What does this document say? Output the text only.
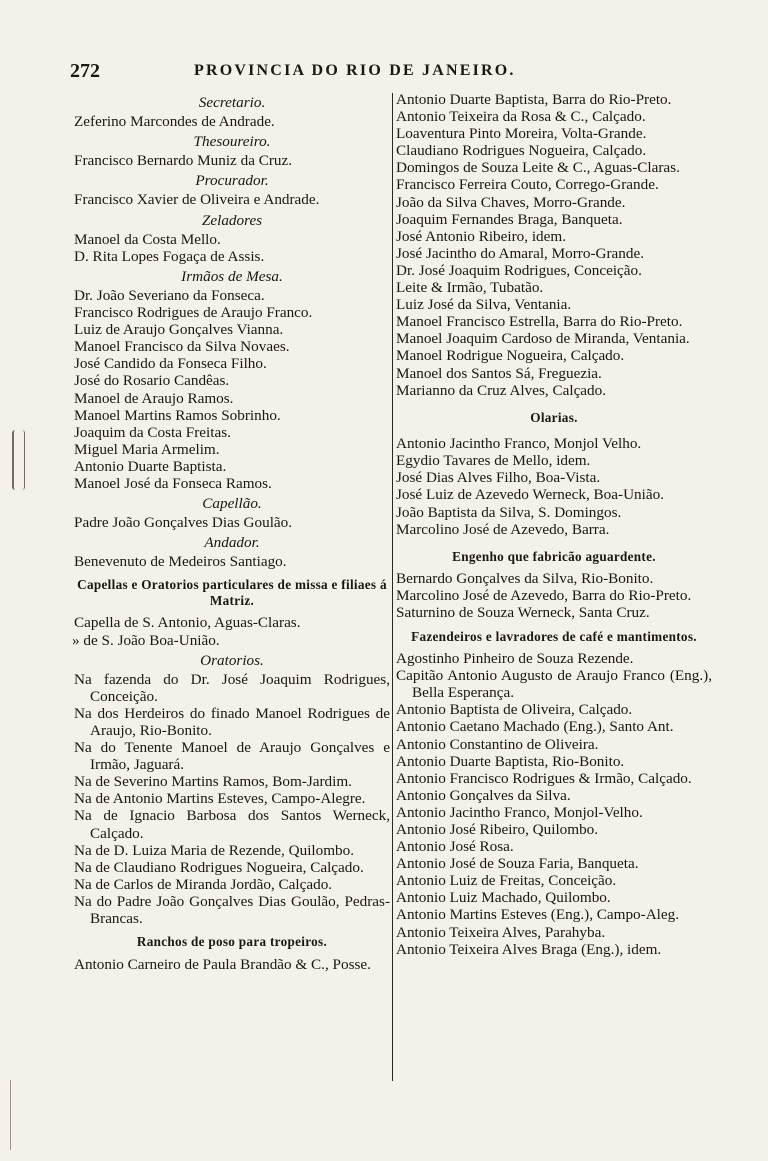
272	PROVINCIA DO RIO DE JANEIRO.
Secretario.
Zeferino Marcondes de Andrade.
Thesoureiro.
Francisco Bernardo Muniz da Cruz.
Procurador.
Francisco Xavier de Oliveira e Andrade.
Zeladores
Manoel da Costa Mello.
D. Rita Lopes Fogaça de Assis.
Irmãos de Mesa.
Dr. João Severiano da Fonseca.
Francisco Rodrigues de Araujo Franco.
Luiz de Araujo Gonçalves Vianna.
Manoel Francisco da Silva Novaes.
José Candido da Fonseca Filho.
José do Rosario Candêas.
Manoel de Araujo Ramos.
Manoel Martins Ramos Sobrinho.
Joaquim da Costa Freitas.
Miguel Maria Armelim.
Antonio Duarte Baptista.
Manoel José da Fonseca Ramos.
Capellão.
Padre João Gonçalves Dias Goulão.
Andador.
Benevenuto de Medeiros Santiago.
Capellas e Oratorios particulares de missa e filiaes á Matriz.
Capella de S. Antonio, Aguas-Claras.
» de S. João Boa-União.
Oratorios.
Na fazenda do Dr. José Joaquim Rodrigues, Conceição.
Na dos Herdeiros do finado Manoel Rodrigues de Araujo, Rio-Bonito.
Na do Tenente Manoel de Araujo Gonçalves e Irmão, Jaguará.
Na de Severino Martins Ramos, Bom-Jardim.
Na de Antonio Martins Esteves, Campo-Alegre.
Na de Ignacio Barbosa dos Santos Werneck, Calçado.
Na de D. Luiza Maria de Rezende, Quilombo.
Na de Claudiano Rodrigues Nogueira, Calçado.
Na de Carlos de Miranda Jordão, Calçado.
Na do Padre João Gonçalves Dias Goulão, Pedras-Brancas.
Ranchos de poso para tropeiros.
Antonio Carneiro de Paula Brandão & C., Posse.
Antonio Duarte Baptista, Barra do Rio-Preto.
Antonio Teixeira da Rosa & C., Calçado.
Loaventura Pinto Moreira, Volta-Grande.
Claudiano Rodrigues Nogueira, Calçado.
Domingos de Souza Leite & C., Aguas-Claras.
Francisco Ferreira Couto, Corrego-Grande.
João da Silva Chaves, Morro-Grande.
Joaquim Fernandes Braga, Banqueta.
José Antonio Ribeiro, idem.
José Jacintho do Amaral, Morro-Grande.
Dr. José Joaquim Rodrigues, Conceição.
Leite & Irmão, Tubatão.
Luiz José da Silva, Ventania.
Manoel Francisco Estrella, Barra do Rio-Preto.
Manoel Joaquim Cardoso de Miranda, Ventania.
Manoel Rodrigue Nogueira, Calçado.
Manoel dos Santos Sá, Freguezia.
Marianno da Cruz Alves, Calçado.
Olarias.
Antonio Jacintho Franco, Monjol Velho.
Egydio Tavares de Mello, idem.
José Dias Alves Filho, Boa-Vista.
José Luiz de Azevedo Werneck, Boa-União.
João Baptista da Silva, S. Domingos.
Marcolino José de Azevedo, Barra.
Engenho que fabricão aguardente.
Bernardo Gonçalves da Silva, Rio-Bonito.
Marcolino José de Azevedo, Barra do Rio-Preto.
Saturnino de Souza Werneck, Santa Cruz.
Fazendeiros e lavradores de café e mantimentos.
Agostinho Pinheiro de Souza Rezende.
Capitão Antonio Augusto de Araujo Franco (Eng.), Bella Esperança.
Antonio Baptista de Oliveira, Calçado.
Antonio Caetano Machado (Eng.), Santo Ant.
Antonio Constantino de Oliveira.
Antonio Duarte Baptista, Rio-Bonito.
Antonio Francisco Rodrigues & Irmão, Calçado.
Antonio Gonçalves da Silva.
Antonio Jacintho Franco, Monjol-Velho.
Antonio José Ribeiro, Quilombo.
Antonio José Rosa.
Antonio José de Souza Faria, Banqueta.
Antonio Luiz de Freitas, Conceição.
Antonio Luiz Machado, Quilombo.
Antonio Martins Esteves (Eng.), Campo-Aleg.
Antonio Teixeira Alves, Parahyba.
Antonio Teixeira Alves Braga (Eng.), idem.
